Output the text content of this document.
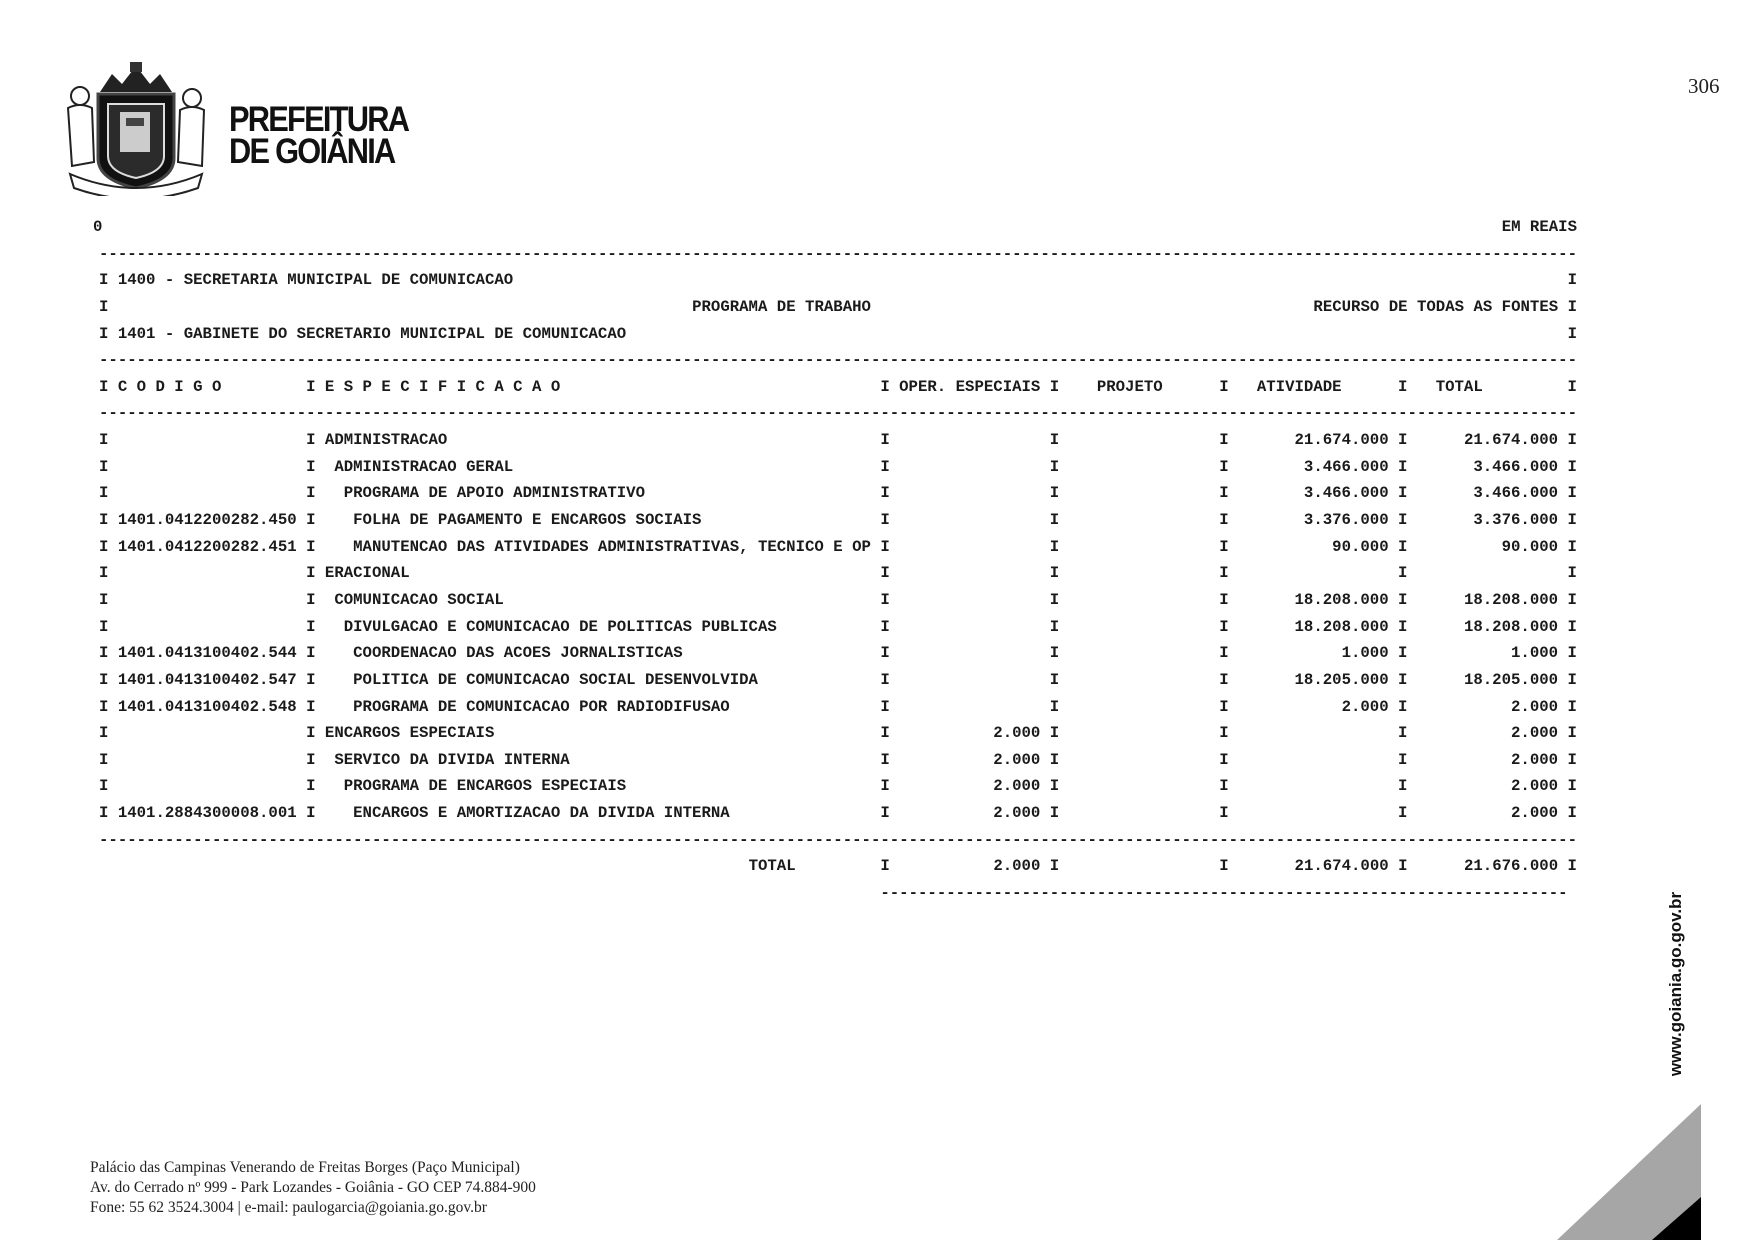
PREFEITURA
DE GOIÂNIA
306

0

	EM REAIS

-------------------------------------------------------------------------------------------------------------------------------------------------------------

I 1400 - SECRETARIA MUNICIPAL DE COMUNICACAO

	I

I

	PROGRAMA DE TRABAHO

	RECURSO DE TODAS AS FONTES

I

I 1401 - GABINETE DO SECRETARIO MUNICIPAL DE COMUNICACAO

	I

-------------------------------------------------------------------------------------------------------------------------------------------------------------
I C O D I G O I	E S P E C I F I C A C A O I	OPER. ESPECIAIS I	PROJETO I	ATIVIDADE I	TOTALI
-------------------------------------------------------------------------------------------------------------------------------------------------------------
I I ADMINISTRACAO I I I	21.674.000 I	21.674.000I
I I ADMINISTRACAO GERAL I I I	3.466.000 I	3.466.000I
I I PROGRAMA DE APOIO ADMINISTRATIVO I I I	3.466.000 I	3.466.000I
I 1401.0412200282.450 I	FOLHA DE PAGAMENTO E ENCARGOS SOCIAIS I I I	3.376.000 I	3.376.000I
I 1401.0412200282.451 I	MANUTENCAO DAS ATIVIDADES ADMINISTRATIVAS, TECNICO E OP I I I	90.000 I	90.000I
I I ERACIONALI I I I I
I I COMUNICACAO SOCIAL I I I	18.208.000 I	18.208.000I
I I DIVULGACAO E COMUNICACAO DE POLITICAS PUBLICAS I I I	18.208.000 I	18.208.000I
I 1401.0413100402.544 I	COORDENACAO DAS ACOES JORNALISTICAS I I I	1.000 I	1.000I
I 1401.0413100402.547 I	POLITICA DE COMUNICACAO SOCIAL DESENVOLVIDA I I I	18.205.000 I	18.205.000I
I 1401.0413100402.548 I	PROGRAMA DE COMUNICACAO POR RADIODIFUSAO I I I	2.000 I	2.000I
I I ENCARGOS ESPECIAIS I	2.000 I I I	2.000I
I I SERVICO DA DIVIDA INTERNA I	2.000 I I I	2.000I
I I PROGRAMA DE ENCARGOS ESPECIAIS I	2.000 I I I	2.000I
I 1401.2884300008.001 I	ENCARGOS E AMORTIZACAO DA DIVIDA INTERNA I	2.000 I I I	2.000I
-------------------------------------------------------------------------------------------------------------------------------------------------------------
TOTAL I	2.000 I I	21.674.000 I	21.676.000I
-------------------------------------------------------------------------
Palácio das Campinas Venerando de Freitas Borges (Paço Municipal)
Av. do Cerrado nº 999 - Park Lozandes - Goiânia - GO CEP 74.884-900
Fone: 55 62 3524.3004 | e-mail: paulogarcia@goiania.go.gov.br
www.goiania.go.gov.br
